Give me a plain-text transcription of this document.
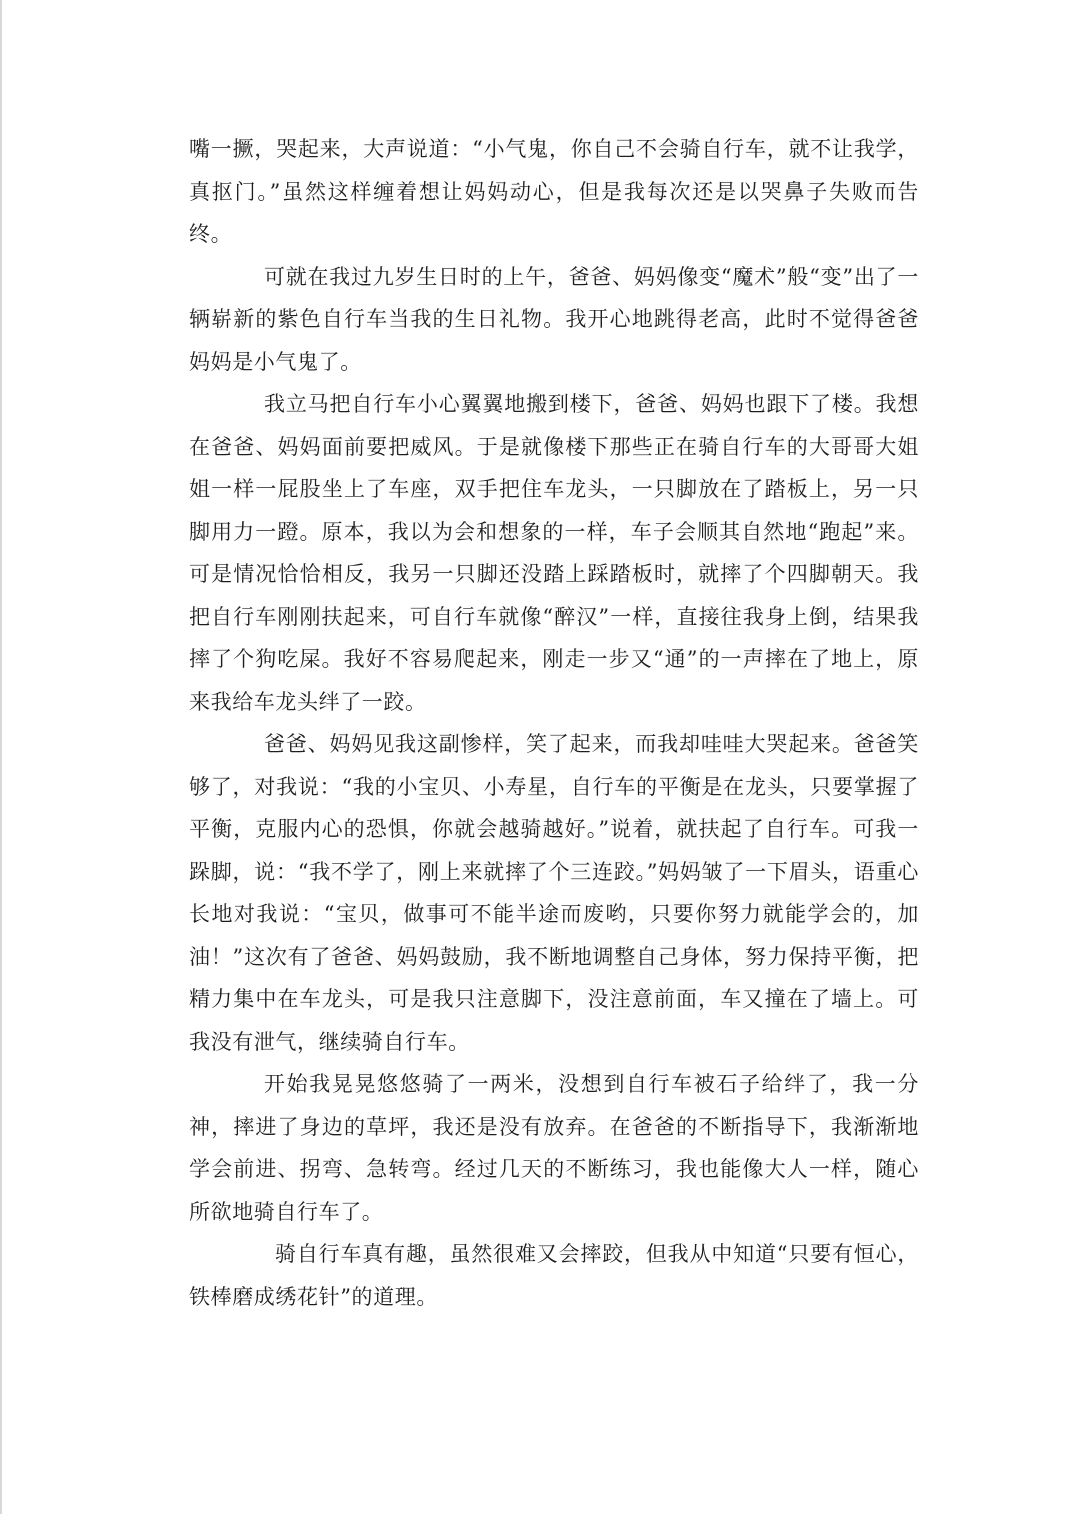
嘴一撅，哭起来，大声说道：“小气鬼，你自己不会骑自行车，就不让我学，真抠门。”虽然这样缠着想让妈妈动心，但是我每次还是以哭鼻子失败而告终。

可就在我过九岁生日时的上午，爸爸、妈妈像变“魔术”般“变”出了一辆崭新的紫色自行车当我的生日礼物。我开心地跳得老高，此时不觉得爸爸妈妈是小气鬼了。

我立马把自行车小心翼翼地搬到楼下，爸爸、妈妈也跟下了楼。我想在爸爸、妈妈面前要把威风。于是就像楼下那些正在骑自行车的大哥哥大姐姐一样一屁股坐上了车座，双手把住车龙头，一只脚放在了踏板上，另一只脚用力一蹬。原本，我以为会和想象的一样，车子会顺其自然地“跑起”来。可是情况恰恰相反，我另一只脚还没踏上踩踏板时，就摔了个四脚朝天。我把自行车刚刚扶起来，可自行车就像“醉汉”一样，直接往我身上倒，结果我摔了个狗吃屎。我好不容易爬起来，刚走一步又“通”的一声摔在了地上，原来我给车龙头绊了一跤。

爸爸、妈妈见我这副惨样，笑了起来，而我却哇哇大哭起来。爸爸笑够了，对我说：“我的小宝贝、小寿星，自行车的平衡是在龙头，只要掌握了平衡，克服内心的恐惧，你就会越骑越好。”说着，就扶起了自行车。可我一跺脚，说：“我不学了，刚上来就摔了个三连跤。”妈妈皱了一下眉头，语重心长地对我说：“宝贝，做事可不能半途而废哟，只要你努力就能学会的，加油！”这次有了爸爸、妈妈鼓励，我不断地调整自己身体，努力保持平衡，把精力集中在车龙头，可是我只注意脚下，没注意前面，车又撞在了墙上。可我没有泄气，继续骑自行车。

开始我晃晃悠悠骑了一两米，没想到自行车被石子给绊了，我一分神，摔进了身边的草坪，我还是没有放弃。在爸爸的不断指导下，我渐渐地学会前进、拐弯、急转弯。经过几天的不断练习，我也能像大人一样，随心所欲地骑自行车了。

骑自行车真有趣，虽然很难又会摔跤，但我从中知道“只要有恒心，铁棒磨成绣花针”的道理。
